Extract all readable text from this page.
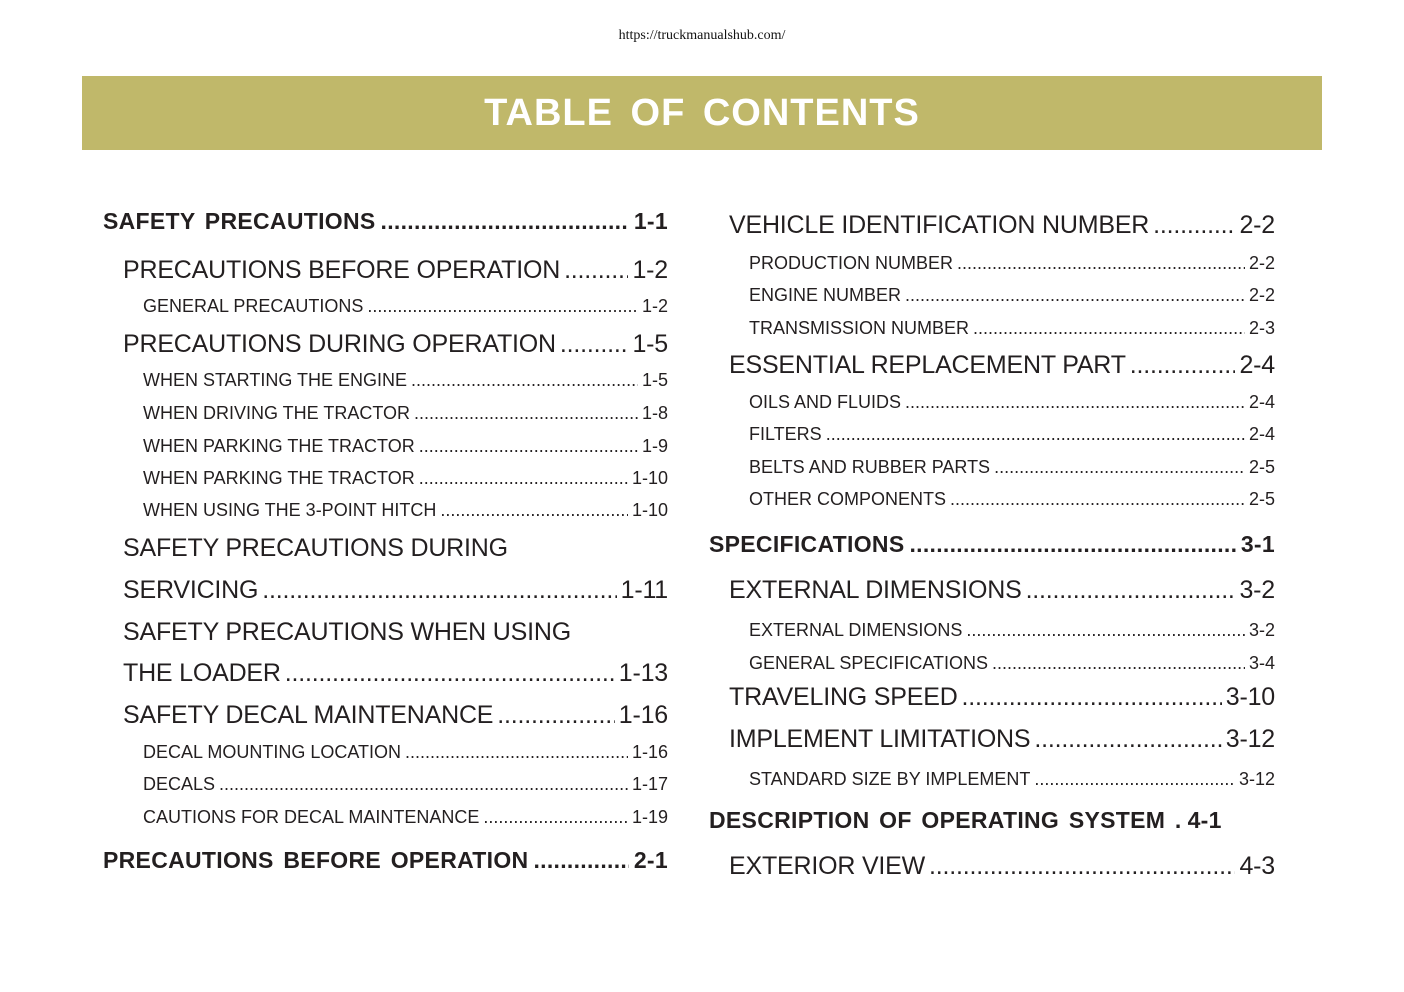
https://truckmanualshub.com/
TABLE OF CONTENTS
SAFETY PRECAUTIONS .....	1-1
PRECAUTIONS BEFORE OPERATION .....	1-2
GENERAL PRECAUTIONS .....	1-2
PRECAUTIONS DURING OPERATION .....	1-5
WHEN STARTING THE ENGINE .....	1-5
WHEN DRIVING THE TRACTOR .....	1-8
WHEN PARKING THE TRACTOR .....	1-9
WHEN PARKING THE TRACTOR .....	1-10
WHEN USING THE 3-POINT HITCH .....	1-10
SAFETY PRECAUTIONS DURING
SERVICING .....	1-11
SAFETY PRECAUTIONS WHEN USING
THE LOADER .....	1-13
SAFETY DECAL MAINTENANCE .....	1-16
DECAL MOUNTING LOCATION .....	1-16
DECALS .....	1-17
CAUTIONS FOR DECAL MAINTENANCE .....	1-19
PRECAUTIONS BEFORE OPERATION .....	2-1
VEHICLE IDENTIFICATION NUMBER .....	2-2
PRODUCTION NUMBER .....	2-2
ENGINE NUMBER .....	2-2
TRANSMISSION NUMBER .....	2-3
ESSENTIAL REPLACEMENT PART .....	2-4
OILS AND FLUIDS .....	2-4
FILTERS .....	2-4
BELTS AND RUBBER PARTS .....	2-5
OTHER COMPONENTS .....	2-5
SPECIFICATIONS .....	3-1
EXTERNAL DIMENSIONS .....	3-2
EXTERNAL DIMENSIONS .....	3-2
GENERAL SPECIFICATIONS .....	3-4
TRAVELING SPEED .....	3-10
IMPLEMENT LIMITATIONS .....	3-12
STANDARD SIZE BY IMPLEMENT .....	3-12
DESCRIPTION OF OPERATING SYSTEM . 4-1
EXTERIOR VIEW .....	4-3
